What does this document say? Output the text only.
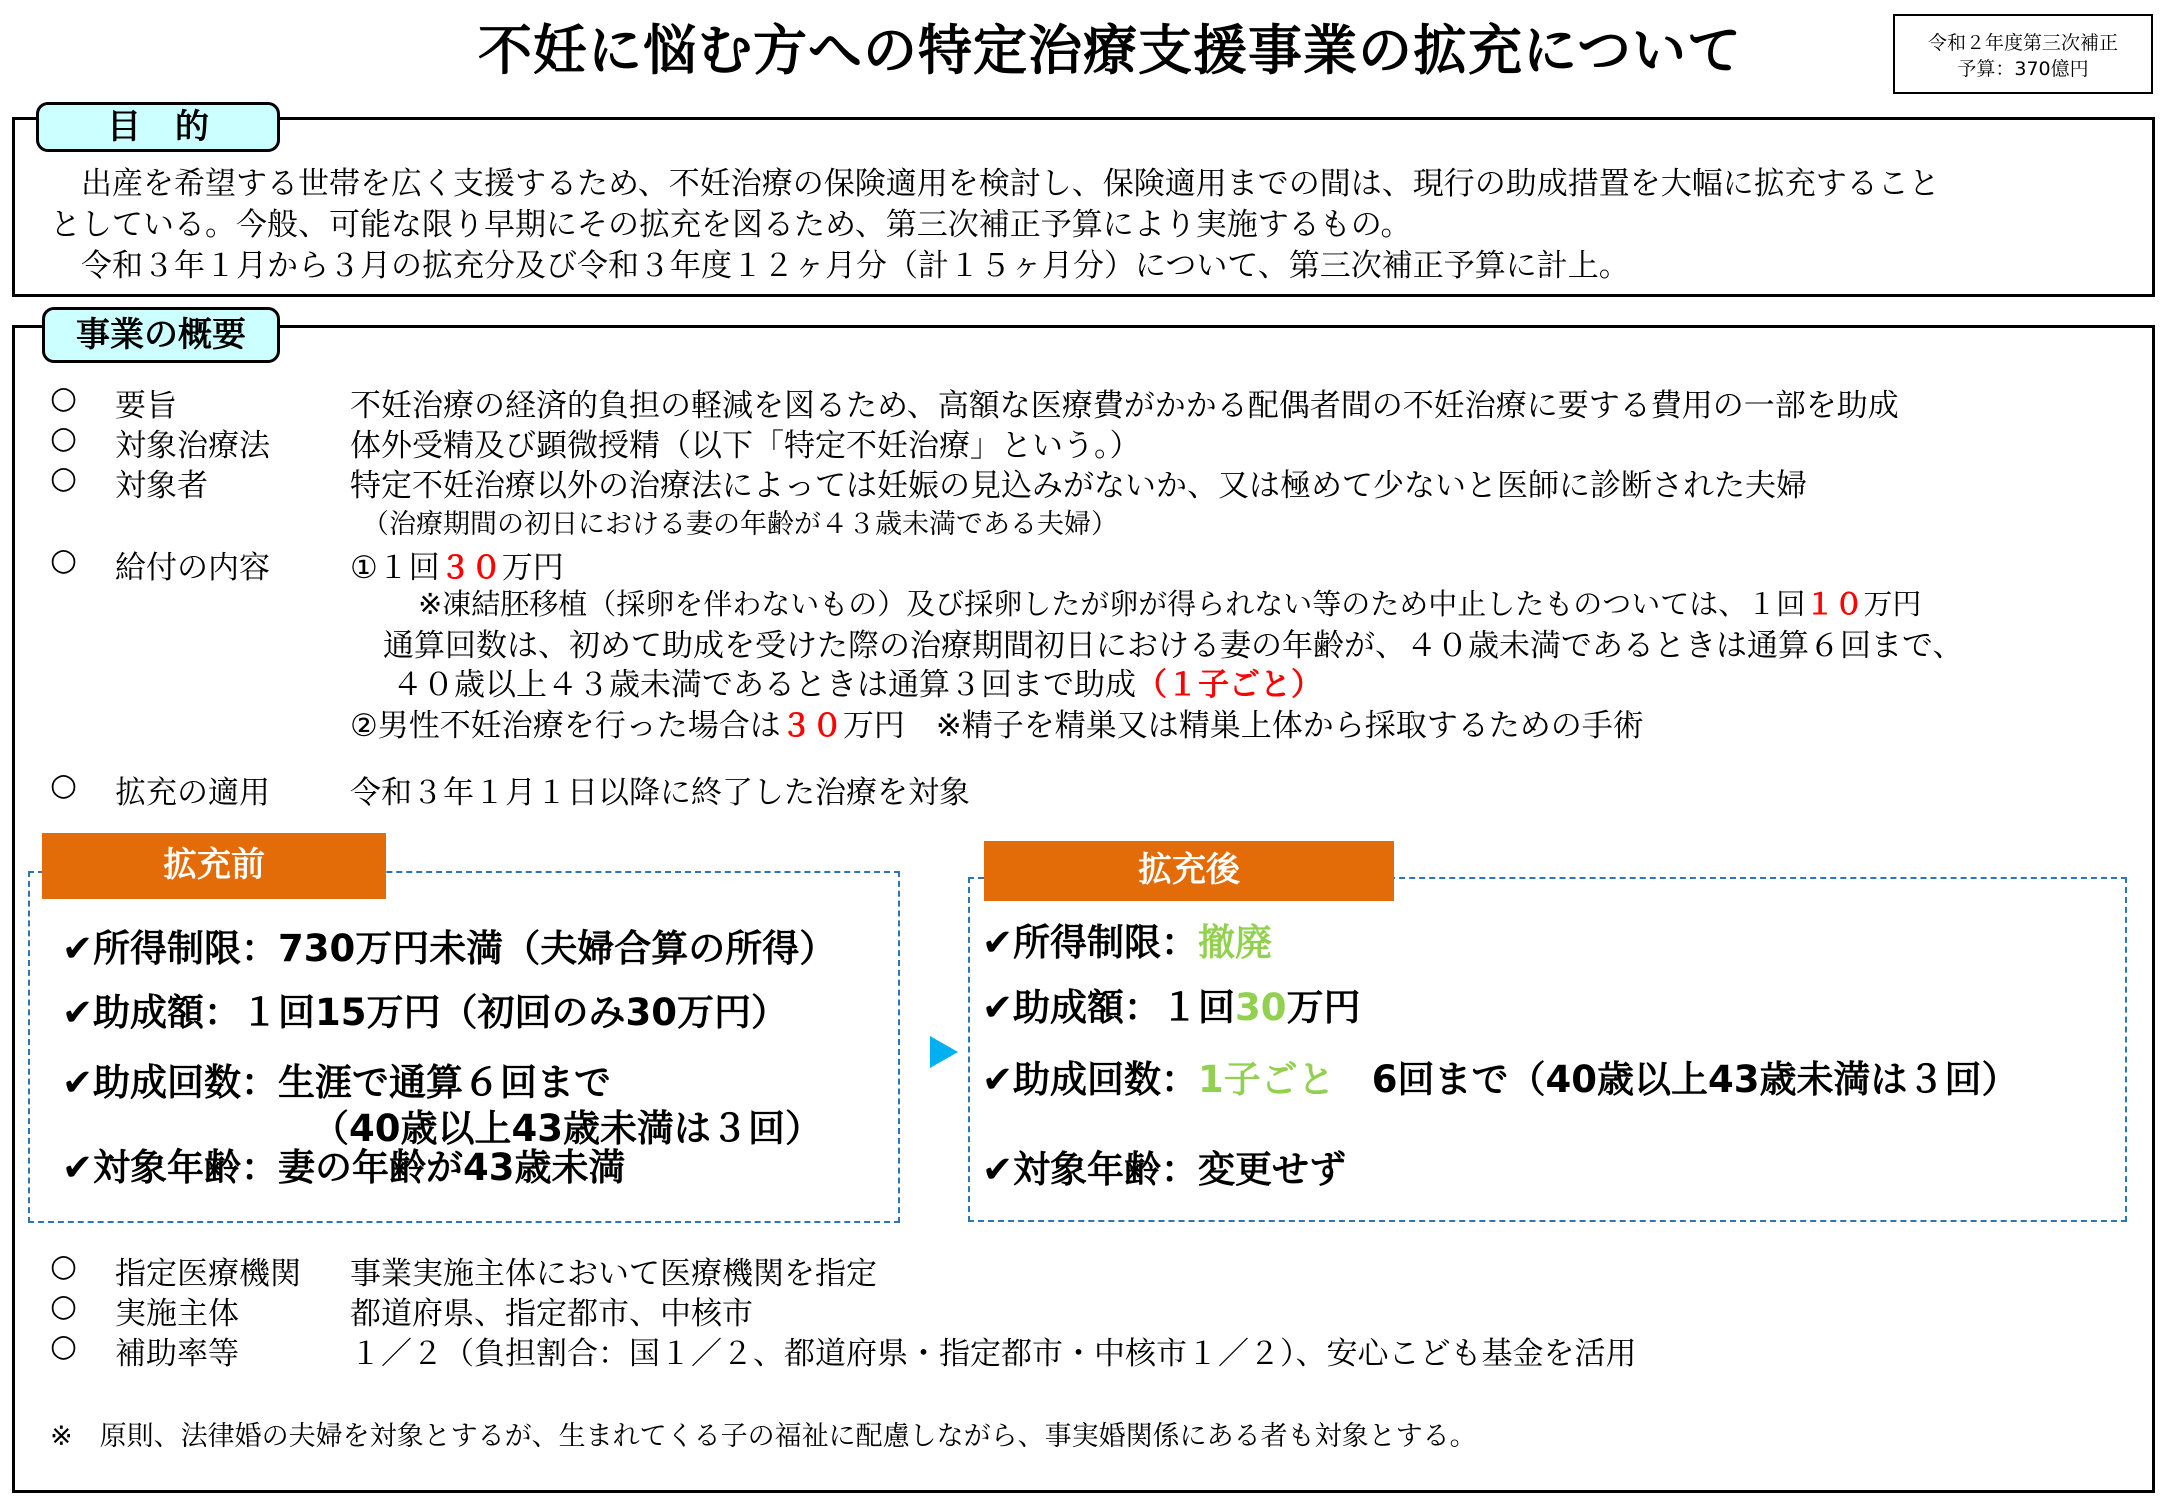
不妊に悩む方への特定治療支援事業の拡充について	令和２年度第三次補正
予算：370億円
目　的
　出産を希望する世帯を広く支援するため、不妊治療の保険適用を検討し、保険適用までの間は、現行の助成措置を大幅に拡充すること
としている。今般、可能な限り早期にその拡充を図るため、第三次補正予算により実施するもの。
　令和３年１月から３月の拡充分及び令和３年度１２ヶ月分（計１５ヶ月分）について、第三次補正予算に計上。
事業の概要
○ 要旨	不妊治療の経済的負担の軽減を図るため、高額な医療費がかかる配偶者間の不妊治療に要する費用の一部を助成
○ 対象治療法	体外受精及び顕微授精（以下「特定不妊治療」という。）
○ 対象者	特定不妊治療以外の治療法によっては妊娠の見込みがないか、又は極めて少ないと医師に診断された夫婦
（治療期間の初日における妻の年齢が４３歳未満である夫婦）
○ 給付の内容	①１回３０万円
※凍結胚移植（採卵を伴わないもの）及び採卵したが卵が得られない等のため中止したものついては、１回１０万円
通算回数は、初めて助成を受けた際の治療期間初日における妻の年齢が、４０歳未満であるときは通算６回まで、
４０歳以上４３歳未満であるときは通算３回まで助成（１子ごと）
②男性不妊治療を行った場合は３０万円　※精子を精巣又は精巣上体から採取するための手術
○ 拡充の適用	令和３年１月１日以降に終了した治療を対象
拡充前
✔所得制限：730万円未満（夫婦合算の所得）
✔助成額：１回15万円（初回のみ30万円）
✔助成回数：生涯で通算６回まで
（40歳以上43歳未満は３回）
✔対象年齢：妻の年齢が43歳未満
拡充後
✔所得制限：撤廃
✔助成額：１回30万円
✔助成回数：1子ごと　6回まで（40歳以上43歳未満は３回）
✔対象年齢：変更せず
○ 指定医療機関 事業実施主体において医療機関を指定
○ 実施主体	都道府県、指定都市、中核市
○ 補助率等	１／２（負担割合：国１／２、都道府県・指定都市・中核市１／２）、安心こども基金を活用
※　原則、法律婚の夫婦を対象とするが、生まれてくる子の福祉に配慮しながら、事実婚関係にある者も対象とする。
